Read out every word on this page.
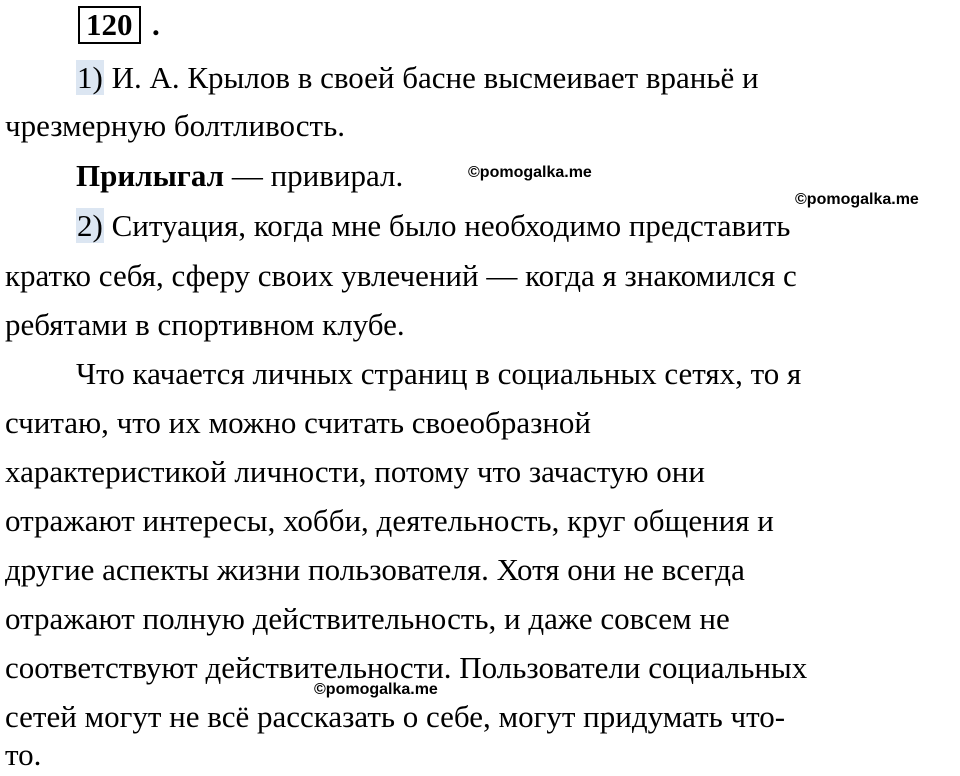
120 .
1) И. А. Крылов в своей басне высмеивает враньё и
чрезмерную болтливость.
Прилыгал — привирал.	©pomogalka.me
©pomogalka.me
2) Ситуация, когда мне было необходимо представить
кратко себя, сферу своих увлечений — когда я знакомился с
ребятами в спортивном клубе.
Что качается личных страниц в социальных сетях, то я
считаю, что их можно считать своеобразной
характеристикой личности, потому что зачастую они
отражают интересы, хобби, деятельность, круг общения и
другие аспекты жизни пользователя. Хотя они не всегда
отражают полную действительность, и даже совсем не
соответствуют действительности. Пользователи социальных
©pomogalka.me
сетей могут не всё рассказать о себе, могут придумать что-
то.
